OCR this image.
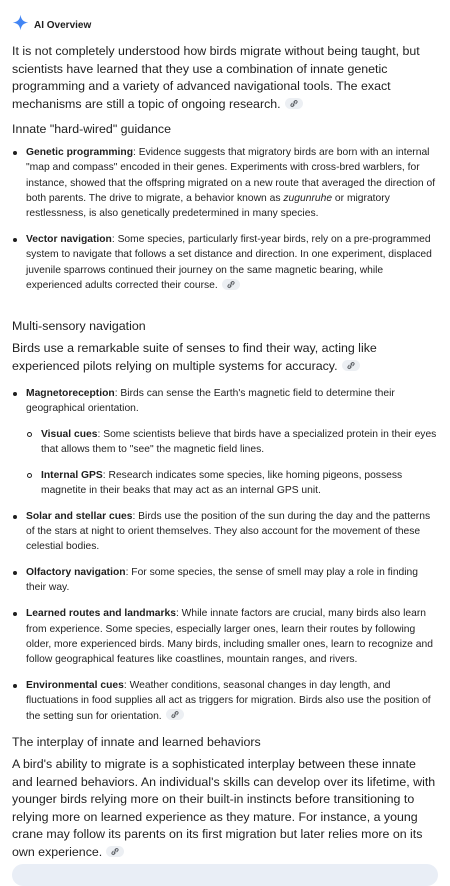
AI Overview

It is not completely understood how birds migrate without being taught, but scientists have learned that they use a combination of innate genetic programming and a variety of advanced navigational tools. The exact mechanisms are still a topic of ongoing research.

Innate "hard-wired" guidance
Genetic programming: Evidence suggests that migratory birds are born with an internal "map and compass" encoded in their genes. Experiments with cross-bred warblers, for instance, showed that the offspring migrated on a new route that averaged the direction of both parents. The drive to migrate, a behavior known as zugunruhe or migratory restlessness, is also genetically predetermined in many species.
Vector navigation: Some species, particularly first-year birds, rely on a pre-programmed system to navigate that follows a set distance and direction. In one experiment, displaced juvenile sparrows continued their journey on the same magnetic bearing, while experienced adults corrected their course.
Multi-sensory navigation

Birds use a remarkable suite of senses to find their way, acting like experienced pilots relying on multiple systems for accuracy.

Magnetoreception: Birds can sense the Earth's magnetic field to determine their geographical orientation.
Visual cues: Some scientists believe that birds have a specialized protein in their eyes that allows them to "see" the magnetic field lines.
Internal GPS: Research indicates some species, like homing pigeons, possess magnetite in their beaks that may act as an internal GPS unit.
Solar and stellar cues: Birds use the position of the sun during the day and the patterns of the stars at night to orient themselves. They also account for the movement of these celestial bodies.
Olfactory navigation: For some species, the sense of smell may play a role in finding their way.
Learned routes and landmarks: While innate factors are crucial, many birds also learn from experience. Some species, especially larger ones, learn their routes by following older, more experienced birds. Many birds, including smaller ones, learn to recognize and follow geographical features like coastlines, mountain ranges, and rivers.
Environmental cues: Weather conditions, seasonal changes in day length, and fluctuations in food supplies all act as triggers for migration. Birds also use the position of the setting sun for orientation.
The interplay of innate and learned behaviors

A bird's ability to migrate is a sophisticated interplay between these innate and learned behaviors. An individual's skills can develop over its lifetime, with younger birds relying more on their built-in instincts before transitioning to relying more on learned experience as they mature. For instance, a young crane may follow its parents on its first migration but later relies more on its own experience.
